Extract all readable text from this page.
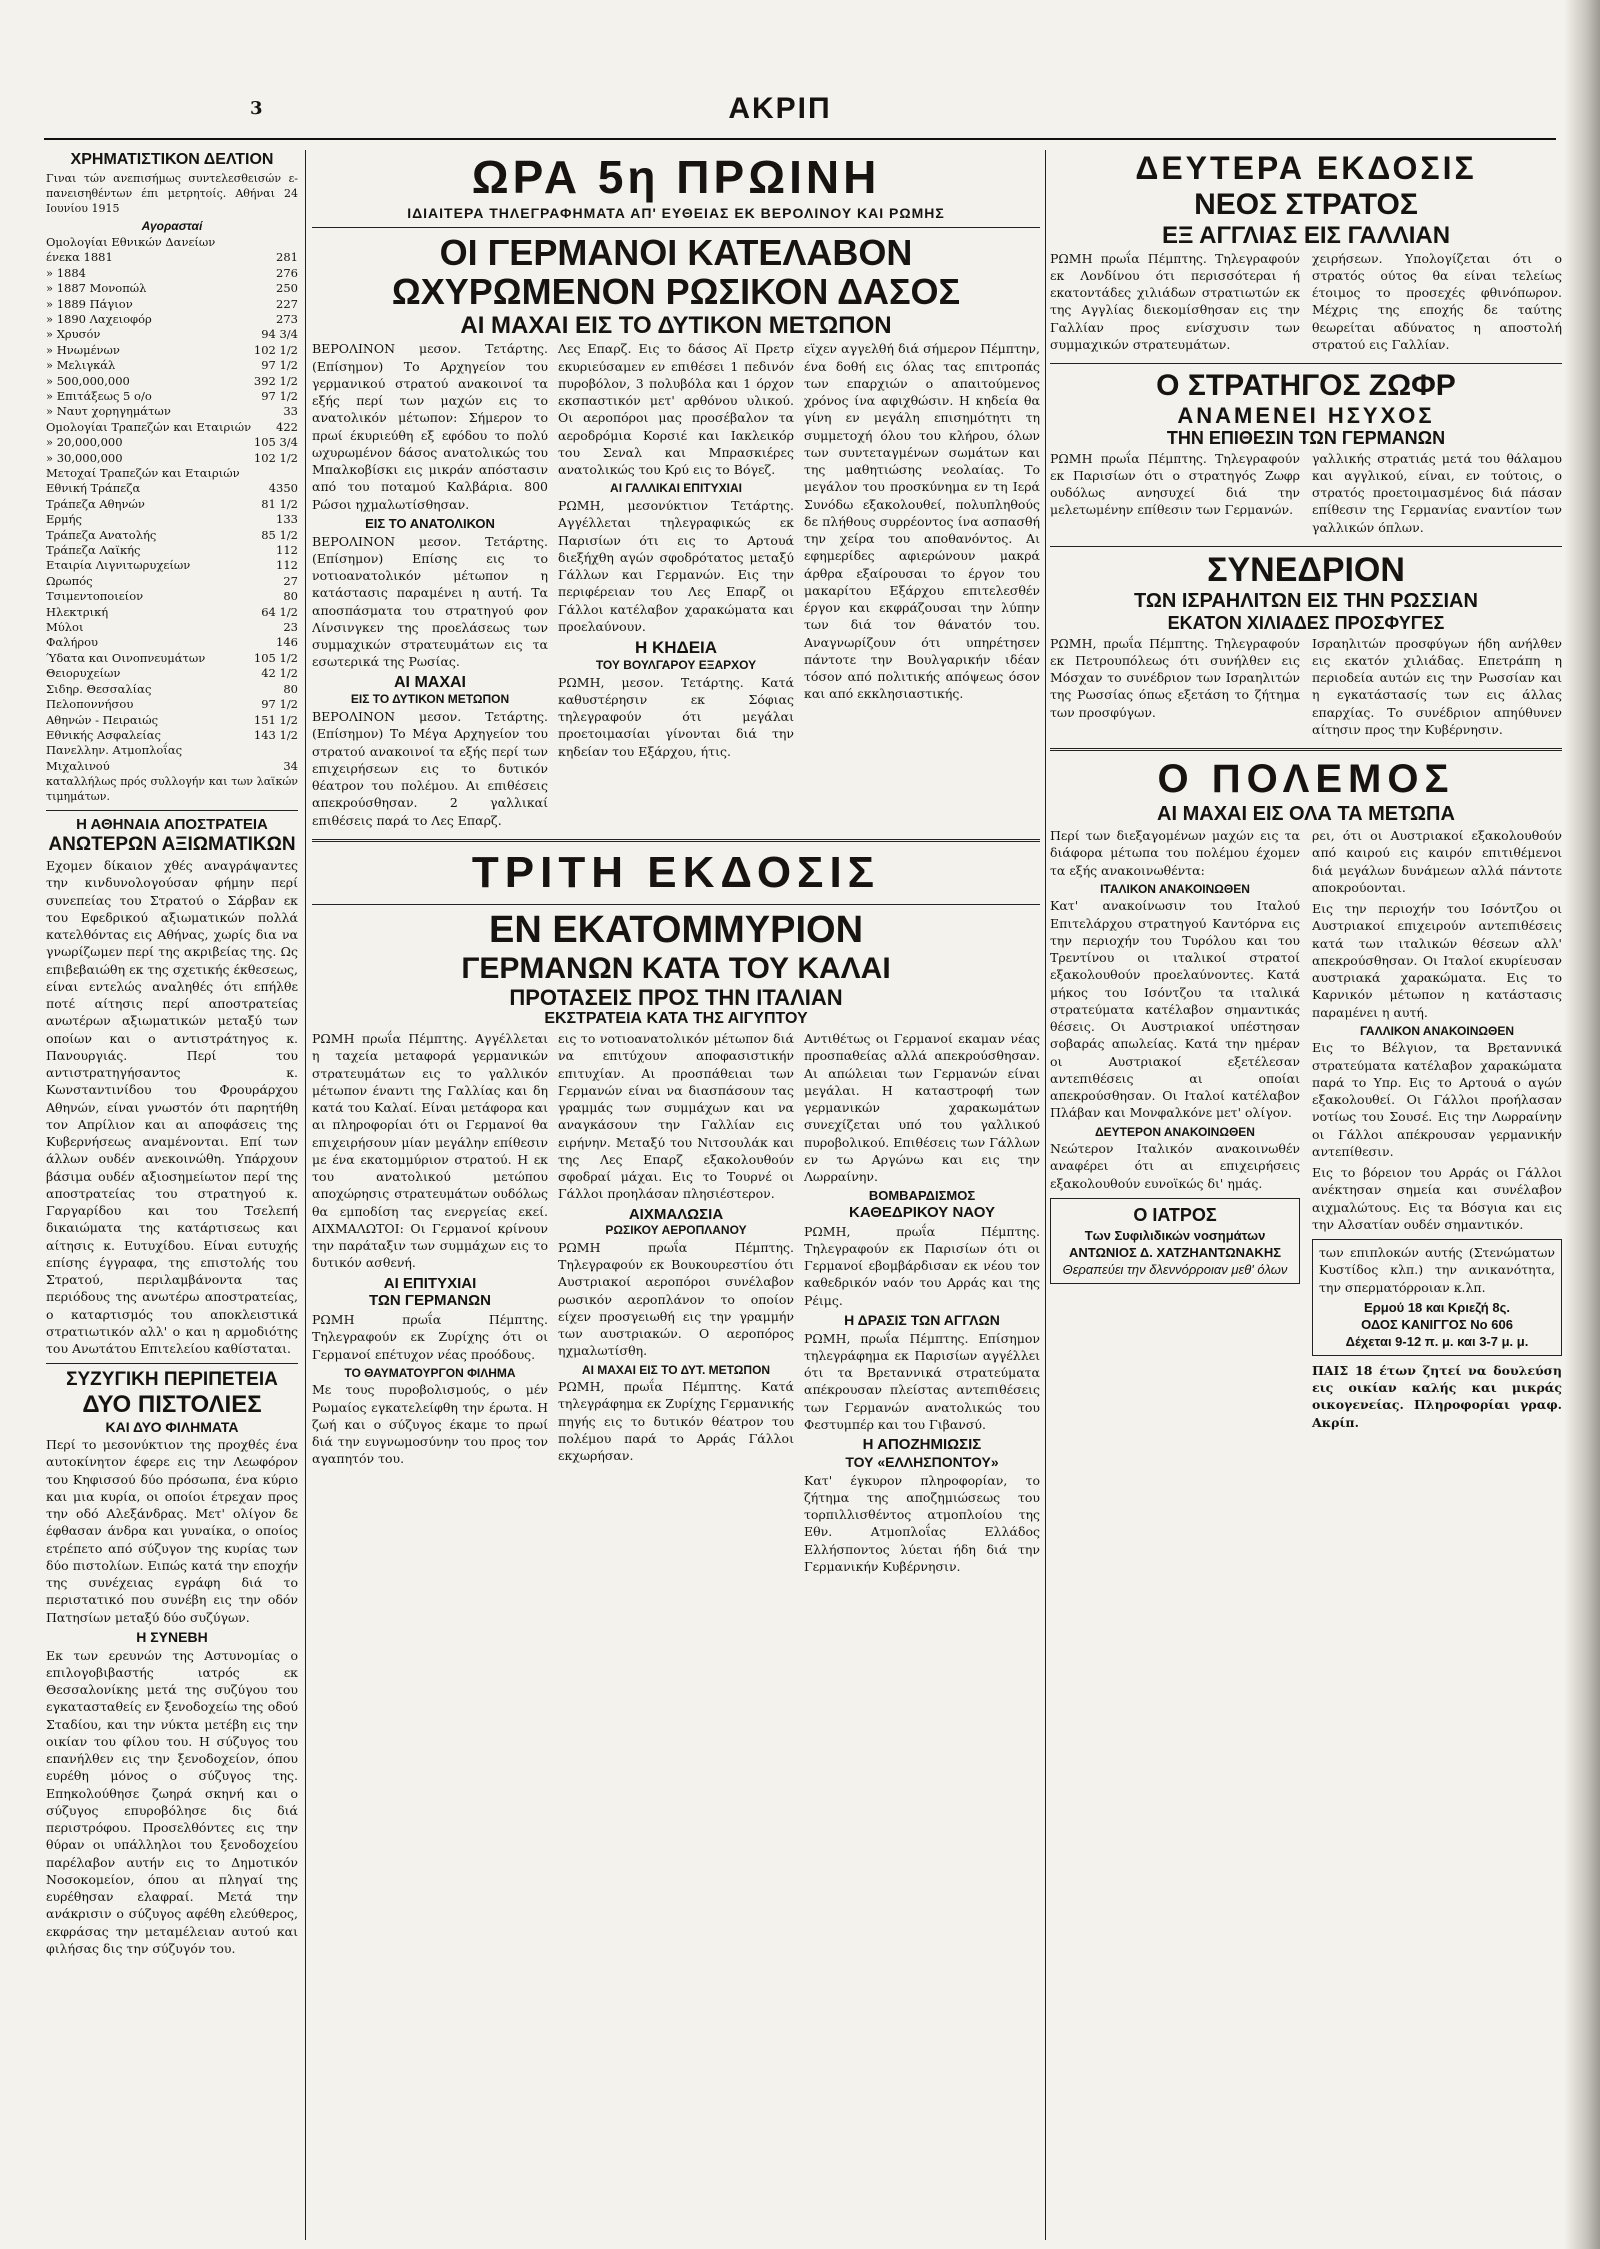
3	ΑΚΡΙΠ
ΧΡΗΜΑΤΙΣΤΙΚΟΝ ΔΕΛΤΙΟΝ
Γιναι τών ανεπισήμως συντελεσθεισών ε-πανεισηθέντων έπι μετρητοίς. Αθήναι 24 Ιουνίου 1915
Αγορασταί
Ομολογίαι Εθνικών Δανείων	
ένεκα 1881	281
» 1884	276
» 1887 Μονοπώλ	250
» 1889 Πάγιον	227
» 1890 Λαχειοφόρ	273
» Χρυσόν	94 3/4
» Ηνωμένων	102 1/2
» Μελιγκάλ	97 1/2
» 500,000,000	392 1/2
» Επιτάξεως 5 ο/ο	97 1/2
» Ναυτ χορηγημάτων	33
Ομολογίαι Τραπεζών και Εταιριών	422
» 20,000,000	105 3/4
» 30,000,000	102 1/2
Μετοχαί Τραπεζών και Εταιριών	
Εθνική Τράπεζα	4350
Τράπεζα Αθηνών	81 1/2
Ερμής	133
Τράπεζα Ανατολής	85 1/2
Τράπεζα Λαϊκής	112
Εταιρία Λιγνιτωρυχείων	112
Ωρωπός	27
Τσιμεντοποιείον	80
Ηλεκτρική	64 1/2
Μύλοι	23
Φαλήρου	146
Ύδατα και Οινοπνευμάτων	105 1/2
Θειορυχείων	42 1/2
Σιδηρ. Θεσσαλίας	80
Πελοποννήσου	97 1/2
Αθηνών - Πειραιώς	151 1/2
Εθνικής Ασφαλείας	143 1/2
Πανελλην. Ατμοπλοΐας	
Μιχαλινού	34
καταλλήλως πρός συλλογήν και των λαϊκών τιμημάτων.
Η ΑΘΗΝΑΙΑ ΑΠΟΣΤΡΑΤΕΙΑ
ΑΝΩΤΕΡΩΝ ΑΞΙΩΜΑΤΙΚΩΝ
Εχομεν δίκαιον χθές αναγράψαντες την κινδυνολογούσαν φήμην περί συνεπείας του Στρατού ο Σάρβαν εκ του Εφεδρικού αξιωματικών πολλά κατελθόντας εις Αθήνας, χωρίς δια να γνωρίζωμεν περί της ακριβείας της. Ως επιβεβαιώθη εκ της σχετικής έκθεσεως, είναι εντελώς αναληθές ότι επήλθε ποτέ αίτησις περί αποστρατείας ανωτέρων αξιωματικών μεταξύ των οποίων και ο αντιστράτηγος κ. Πανουργιάς. Περί του αντιστρατηγήσαντος κ. Κωνσταντινίδου του Φρουράρχου Αθηνών, είναι γνωστόν ότι παρητήθη τον Απρίλιον και αι αποφάσεις της Κυβερνήσεως αναμένονται. Επί των άλλων ουδέν ανεκοινώθη. Υπάρχουν βάσιμα ουδέν αξιοσημείωτον περί της αποστρατείας του στρατηγού κ. Γαργαρίδου και του Τσελεπή δικαιώματα της κατάρτισεως και αίτησις κ. Ευτυχίδου. Είναι ευτυχής επίσης έγγραφα, της επιστολής του Στρατού, περιλαμβάνοντα τας περιόδους της ανωτέρω αποστρατείας, ο καταρτισμός του αποκλειστικά στρατιωτικόν αλλ' ο και η αρμοδιότης του Ανωτάτου Επιτελείου καθίσταται.
ΣΥΖΥΓΙΚΗ ΠΕΡΙΠΕΤΕΙΑ
ΔΥΟ ΠΙΣΤΟΛΙΕΣ
ΚΑΙ ΔΥΟ ΦΙΛΗΜΑΤΑ
Περί το μεσονύκτιον της προχθές ένα αυτοκίνητον έφερε εις την Λεωφόρον του Κηφισσού δύο πρόσωπα, ένα κύριο και μια κυρία, οι οποίοι έτρεχαν προς την οδό Αλεξάνδρας. Μετ' ολίγον δε έφθασαν άνδρα και γυναίκα, ο οποίος ετρέπετο από σύζυγον της κυρίας των δύο πιστολίων. Ειπώς κατά την εποχήν της συνέχειας εγράφη διά το περιστατικό που συνέβη εις την οδόν Πατησίων μεταξύ δύο συζύγων.
Η ΣΥΝΕΒΗ
Εκ των ερευνών της Αστυνομίας ο επιλογοβιβαστής ιατρός εκ Θεσσαλονίκης μετά της συζύγου του εγκατασταθείς εν ξενοδοχείω της οδού Σταδίου, και την νύκτα μετέβη εις την οικίαν του φίλου του. Η σύζυγος του επανήλθεν εις την ξενοδοχείον, όπου ευρέθη μόνος ο σύζυγος της. Επηκολούθησε ζωηρά σκηνή και ο σύζυγος επυροβόλησε δις διά περιστρόφου. Προσελθόντες εις την θύραν οι υπάλληλοι του ξενοδοχείου παρέλαβον αυτήν εις το Δημοτικόν Νοσοκομείον, όπου αι πληγαί της ευρέθησαν ελαφραί. Μετά την ανάκρισιν ο σύζυγος αφέθη ελεύθερος, εκφράσας την μεταμέλειαν αυτού και φιλήσας δις την σύζυγόν του.
ΩΡΑ 5η ΠΡΩΙΝΗ
ΙΔΙΑΙΤΕΡΑ ΤΗΛΕΓΡΑΦΗΜΑΤΑ ΑΠ' ΕΥΘΕΙΑΣ ΕΚ ΒΕΡΟΛΙΝΟΥ ΚΑΙ ΡΩΜΗΣ
ΟΙ ΓΕΡΜΑΝΟΙ ΚΑΤΕΛΑΒΟΝ
ΩΧΥΡΩΜΕΝΟΝ ΡΩΣΙΚΟΝ ΔΑΣΟΣ
ΑΙ ΜΑΧΑΙ ΕΙΣ ΤΟ ΔΥΤΙΚΟΝ ΜΕΤΩΠΟΝ

ΒΕΡΟΛΙΝΟΝ μεσον. Τετάρτης. (Επίσημον) Το Αρχηγείον του γερμανικού στρατού ανακοινοί τα εξής περί των μαχών εις το ανατολικόν μέτωπον: Σήμερον το πρωί έκυριεύθη εξ εφόδου το πολύ ωχυρωμένον δάσος ανατολικώς του Μπαλκοβίσκι εις μικράν απόστασιν από του ποταμού Καλβάρια. 800 Ρώσοι ηχμαλωτίσθησαν.

ΕΙΣ ΤΟ ΑΝΑΤΟΛΙΚΟΝ

ΒΕΡΟΛΙΝΟΝ μεσον. Τετάρτης. (Επίσημον) Επίσης εις το νοτιοανατολικόν μέτωπον η κατάστασις παραμένει η αυτή. Τα αποσπάσματα του στρατηγού φον Λίνσινγκεν της προελάσεως των συμμαχικών στρατευμάτων εις τα εσωτερικά της Ρωσίας.

ΑΙ ΜΑΧΑΙ
ΕΙΣ ΤΟ ΔΥΤΙΚΟΝ ΜΕΤΩΠΟΝ

ΒΕΡΟΛΙΝΟΝ μεσον. Τετάρτης. (Επίσημον) Το Μέγα Αρχηγείον του στρατού ανακοινοί τα εξής περί των επιχειρήσεων εις το δυτικόν θέατρον του πολέμου. Αι επιθέσεις απεκρούσθησαν. 2 γαλλικαί επιθέσεις παρά το Λες Επαρζ.

Λες Επαρζ. Εις το δάσος Αϊ Πρετρ εκυριεύσαμεν εν επιθέσει 1 πεδινόν πυροβόλον, 3 πολυβόλα και 1 όρχον εκσπαστικόν μετ' αρθόνου υλικού. Οι αεροπόροι μας προσέβαλον τα αεροδρόμια Κορσιέ και Ιακλεικόρ του Σεναλ και Μπρασκιέρες ανατολικώς του Κρύ εις το Βόγεζ.

ΑΙ ΓΑΛΛΙΚΑΙ ΕΠΙΤΥΧΙΑΙ

ΡΩΜΗ, μεσονύκτιον Τετάρτης. Αγγέλλεται τηλεγραφικώς εκ Παρισίων ότι εις το Αρτουά διεξήχθη αγών σφοδρότατος μεταξύ Γάλλων και Γερμανών. Εις την περιφέρειαν του Λες Επαρζ οι Γάλλοι κατέλαβον χαρακώματα και προελαύνουν.

Η ΚΗΔΕΙΑ
ΤΟΥ ΒΟΥΛΓΑΡΟΥ ΕΞΑΡΧΟΥ

ΡΩΜΗ, μεσον. Τετάρτης. Κατά καθυστέρησιν εκ Σόφιας τηλεγραφούν ότι μεγάλαι προετοιμασίαι γίνονται διά την κηδείαν του Εξάρχου, ήτις.

εϊχεν αγγελθή διά σήμερον Πέμπτην, ένα δοθή εις όλας τας επιτροπάς των επαρχιών ο απαιτούμενος χρόνος ίνα αφιχθώσιν. Η κηδεία θα γίνη εν μεγάλη επισημότητι τη συμμετοχή όλου του κλήρου, όλων των συντεταγμένων σωμάτων και της μαθητιώσης νεολαίας. Το μεγάλον του προσκύνημα εν τη Ιερά Συνόδω εξακολουθεί, πολυπληθούς δε πλήθους συρρέοντος ίνα ασπασθή την χείρα του αποθανόντος. Αι εφημερίδες αφιερώνουν μακρά άρθρα εξαίρουσαι το έργον του μακαρίτου Εξάρχου επιτελεσθέν έργον και εκφράζουσαι την λύπην των διά τον θάνατόν του. Αναγνωρίζουν ότι υπηρέτησεν πάντοτε την Βουλγαρικήν ιδέαν τόσον από πολιτικής απόψεως όσον και από εκκλησιαστικής.

ΤΡΙΤΗ ΕΚΔΟΣΙΣ
ΕΝ ΕΚΑΤΟΜΜΥΡΙΟΝ
ΓΕΡΜΑΝΩΝ ΚΑΤΑ ΤΟΥ ΚΑΛΑΙ
ΠΡΟΤΑΣΕΙΣ ΠΡΟΣ ΤΗΝ ΙΤΑΛΙΑΝ
ΕΚΣΤΡΑΤΕΙΑ ΚΑΤΑ ΤΗΣ ΑΙΓΥΠΤΟΥ

ΡΩΜΗ πρωΐα Πέμπτης. Αγγέλλεται η ταχεία μεταφορά γερμανικών στρατευμάτων εις το γαλλικόν μέτωπον έναντι της Γαλλίας και δη κατά του Καλαί. Είναι μετάφορα και αι πληροφορίαι ότι οι Γερμανοί θα επιχειρήσουν μίαν μεγάλην επίθεσιν με ένα εκατομμύριον στρατού. Η εκ του ανατολικού μετώπου αποχώρησις στρατευμάτων ουδόλως θα εμποδίση τας ενεργείας εκεί. ΑΙΧΜΑΛΩΤΟΙ: Οι Γερμανοί κρίνουν την παράταξιν των συμμάχων εις το δυτικόν ασθενή.

ΑΙ ΕΠΙΤΥΧΙΑΙ
ΤΩΝ ΓΕΡΜΑΝΩΝ

ΡΩΜΗ πρωΐα Πέμπτης. Τηλεγραφούν εκ Ζυρίχης ότι οι Γερμανοί επέτυχον νέας προόδους.

ΤΟ ΘΑΥΜΑΤΟΥΡΓΟΝ ΦΙΛΗΜΑ

Με τους πυροβολισμούς, ο μέν Ρωμαίος εγκατελείφθη την έρωτα. Η ζωή και ο σύζυγος έκαμε το πρωί διά την ευγνωμοσύνην του προς τον αγαπητόν του.

εις το νοτιοανατολικόν μέτωπον διά να επιτύχουν αποφασιστικήν επιτυχίαν. Αι προσπάθειαι των Γερμανών είναι να διασπάσουν τας γραμμάς των συμμάχων και να αναγκάσουν την Γαλλίαν εις ειρήνην. Μεταξύ του Νιτσουλάκ και της Λες Επαρζ εξακολουθούν σφοδραί μάχαι. Εις το Τουρνέ οι Γάλλοι προηλάσαν πλησιέστερον.

ΑΙΧΜΑΛΩΣΙΑ
ΡΩΣΙΚΟΥ ΑΕΡΟΠΛΑΝΟΥ

ΡΩΜΗ πρωΐα Πέμπτης. Τηλεγραφούν εκ Βουκουρεστίου ότι Αυστριακοί αεροπόροι συνέλαβον ρωσικόν αεροπλάνον το οποίον είχεν προσγειωθή εις την γραμμήν των αυστριακών. Ο αεροπόρος ηχμαλωτίσθη.

ΑΙ ΜΑΧΑΙ ΕΙΣ ΤΟ ΔΥΤ. ΜΕΤΩΠΟΝ

ΡΩΜΗ, πρωΐα Πέμπτης. Κατά τηλεγράφημα εκ Ζυρίχης Γερμανικής πηγής εις το δυτικόν θέατρον του πολέμου παρά το Αρράς Γάλλοι εκχωρήσαν.

Αντιθέτως οι Γερμανοί εκαμαν νέας προσπαθείας αλλά απεκρούσθησαν. Αι απώλειαι των Γερμανών είναι μεγάλαι. Η καταστροφή των γερμανικών χαρακωμάτων συνεχίζεται υπό του γαλλικού πυροβολικού. Επιθέσεις των Γάλλων εν τω Αργώνω και εις την Λωρραίνην.

ΒΟΜΒΑΡΔΙΣΜΟΣ
ΚΑΘΕΔΡΙΚΟΥ ΝΑΟΥ

ΡΩΜΗ, πρωΐα Πέμπτης. Τηλεγραφούν εκ Παρισίων ότι οι Γερμανοί εβομβάρδισαν εκ νέου τον καθεδρικόν ναόν του Αρράς και της Ρέιμς.

Η ΔΡΑΣΙΣ ΤΩΝ ΑΓΓΛΩΝ

ΡΩΜΗ, πρωΐα Πέμπτης. Επίσημον τηλεγράφημα εκ Παρισίων αγγέλλει ότι τα Βρεταννικά στρατεύματα απέκρουσαν πλείστας αντεπιθέσεις των Γερμανών ανατολικώς του Φεστυμπέρ και του Γιβανσύ.

Η ΑΠΟΖΗΜΙΩΣΙΣ
ΤΟΥ «ΕΛΛΗΣΠΟΝΤΟΥ»

Κατ' έγκυρον πληροφορίαν, το ζήτημα της αποζημιώσεως του τορπιλλισθέντος ατμοπλοίου της Εθν. Ατμοπλοΐας Ελλάδος Ελλήσποντος λύεται ήδη διά την Γερμανικήν Κυβέρνησιν.

ΔΕΥΤΕΡΑ ΕΚΔΟΣΙΣ
ΝΕΟΣ ΣΤΡΑΤΟΣ
ΕΞ ΑΓΓΛΙΑΣ ΕΙΣ ΓΑΛΛΙΑΝ

ΡΩΜΗ πρωΐα Πέμπτης. Τηλεγραφούν εκ Λονδίνου ότι περισσότεραι ή εκατοντάδες χιλιάδων στρατιωτών εκ της Αγγλίας διεκομίσθησαν εις την Γαλλίαν προς ενίσχυσιν των συμμαχικών στρατευμάτων.

χειρήσεων. Υπολογίζεται ότι ο στρατός ούτος θα είναι τελείως έτοιμος το προσεχές φθινόπωρον. Μέχρις της εποχής δε ταύτης θεωρείται αδύνατος η αποστολή στρατού εις Γαλλίαν.

Ο ΣΤΡΑΤΗΓΟΣ ΖΩΦΡ
ΑΝΑΜΕΝΕΙ ΗΣΥΧΟΣ
ΤΗΝ ΕΠΙΘΕΣΙΝ ΤΩΝ ΓΕΡΜΑΝΩΝ

ΡΩΜΗ πρωΐα Πέμπτης. Τηλεγραφούν εκ Παρισίων ότι ο στρατηγός Ζωφρ ουδόλως ανησυχεί διά την μελετωμένην επίθεσιν των Γερμανών.

γαλλικής στρατιάς μετά του θάλαμου και αγγλικού, είναι, εν τούτοις, ο στρατός προετοιμασμένος διά πάσαν επίθεσιν της Γερμανίας εναντίον των γαλλικών όπλων.

ΣΥΝΕΔΡΙΟΝ
ΤΩΝ ΙΣΡΑΗΛΙΤΩΝ ΕΙΣ ΤΗΝ ΡΩΣΣΙΑΝ
ΕΚΑΤΟΝ ΧΙΛΙΑΔΕΣ ΠΡΟΣΦΥΓΕΣ

ΡΩΜΗ, πρωΐα Πέμπτης. Τηλεγραφούν εκ Πετρουπόλεως ότι συνήλθεν εις Μόσχαν το συνέδριον των Ισραηλιτών της Ρωσσίας όπως εξετάση το ζήτημα των προσφύγων.

Ισραηλιτών προσφύγων ήδη ανήλθεν εις εκατόν χιλιάδας. Επετράπη η περιοδεία αυτών εις την Ρωσσίαν και η εγκατάστασίς των εις άλλας επαρχίας. Το συνέδριον απηύθυνεν αίτησιν προς την Κυβέρνησιν.

Ο ΠΟΛΕΜΟΣ
ΑΙ ΜΑΧΑΙ ΕΙΣ ΟΛΑ ΤΑ ΜΕΤΩΠΑ

Περί των διεξαγομένων μαχών εις τα διάφορα μέτωπα του πολέμου έχομεν τα εξής ανακοινωθέντα:

ΙΤΑΛΙΚΟΝ ΑΝΑΚΟΙΝΩΘΕΝ

Κατ' ανακοίνωσιν του Ιταλού Επιτελάρχου στρατηγού Καντόρνα εις την περιοχήν του Τυρόλου και του Τρεντίνου οι ιταλικοί στρατοί εξακολουθούν προελαύνοντες. Κατά μήκος του Ισόντζου τα ιταλικά στρατεύματα κατέλαβον σημαντικάς θέσεις. Οι Αυστριακοί υπέστησαν σοβαράς απωλείας. Κατά την ημέραν οι Αυστριακοί εξετέλεσαν αντεπιθέσεις αι οποίαι απεκρούσθησαν. Οι Ιταλοί κατέλαβον Πλάβαν και Μονφαλκόνε μετ' ολίγον.

ΔΕΥΤΕΡΟΝ ΑΝΑΚΟΙΝΩΘΕΝ

Νεώτερον Ιταλικόν ανακοινωθέν αναφέρει ότι αι επιχειρήσεις εξακολουθούν ευνοϊκώς δι' ημάς.

Ο ΙΑΤΡΟΣ
Των Συφιλιδικών νοσημάτων
ΑΝΤΩΝΙΟΣ Δ. ΧΑΤΖΗΑΝΤΩΝΑΚΗΣ
Θεραπεύει την δλεννόρροιαν μεθ' όλων

ρει, ότι οι Αυστριακοί εξακολουθούν από καιρού εις καιρόν επιτιθέμενοι διά μεγάλων δυνάμεων αλλά πάντοτε αποκρούονται.

Εις την περιοχήν του Ισόντζου οι Αυστριακοί επιχειρούν αντεπιθέσεις κατά των ιταλικών θέσεων αλλ' απεκρούσθησαν. Οι Ιταλοί εκυρίευσαν αυστριακά χαρακώματα. Εις το Καρνικόν μέτωπον η κατάστασις παραμένει η αυτή.

ΓΑΛΛΙΚΟΝ ΑΝΑΚΟΙΝΩΘΕΝ

Εις το Βέλγιον, τα Βρεταννικά στρατεύματα κατέλαβον χαρακώματα παρά το Υπρ. Εις το Αρτουά ο αγών εξακολουθεί. Οι Γάλλοι προήλασαν νοτίως του Σουσέ. Εις την Λωρραίνην οι Γάλλοι απέκρουσαν γερμανικήν αντεπίθεσιν.

Εις το βόρειον του Αρράς οι Γάλλοι ανέκτησαν σημεία και συνέλαβον αιχμαλώτους. Εις τα Βόσγια και εις την Αλσατίαν ουδέν σημαντικόν.

των επιπλοκών αυτής (Στενώματων Κυστίδος κλπ.) την ανικανότητα, την σπερματόρροιαν κ.λπ.

Ερμού 18 και Κριεζή 8ς.
ΟΔΟΣ ΚΑΝΙΓΓΟΣ Νο 606
Δέχεται 9-12 π. μ. και 3-7 μ. μ.

ΠΑΙΣ 18 έτων ζητεί να δουλεύση εις οικίαν καλής και μικράς οικογενείας. Πληροφορίαι γραφ. Ακρίπ.
